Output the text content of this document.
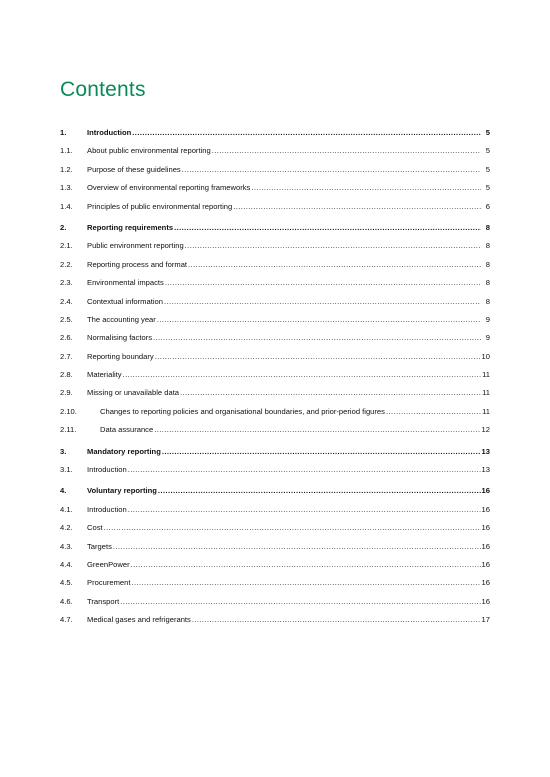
Contents
1.	Introduction .....	5
1.1.	About public environmental reporting .....	5
1.2.	Purpose of these guidelines .....	5
1.3.	Overview of environmental reporting frameworks .....	5
1.4.	Principles of public environmental reporting .....	6
2.	Reporting requirements .....	8
2.1.	Public environment reporting .....	8
2.2.	Reporting process and format .....	8
2.3.	Environmental impacts .....	8
2.4.	Contextual information .....	8
2.5.	The accounting year .....	9
2.6.	Normalising factors .....	9
2.7.	Reporting boundary .....	10
2.8.	Materiality .....	11
2.9.	Missing or unavailable data .....	11
2.10.	Changes to reporting policies and organisational boundaries, and prior-period figures .....	11
2.11.	Data assurance .....	12
3.	Mandatory reporting .....	13
3.1.	Introduction .....	13
4.	Voluntary reporting .....	16
4.1.	Introduction .....	16
4.2.	Cost .....	16
4.3.	Targets .....	16
4.4.	GreenPower .....	16
4.5.	Procurement .....	16
4.6.	Transport .....	16
4.7.	Medical gases and refrigerants .....	17
